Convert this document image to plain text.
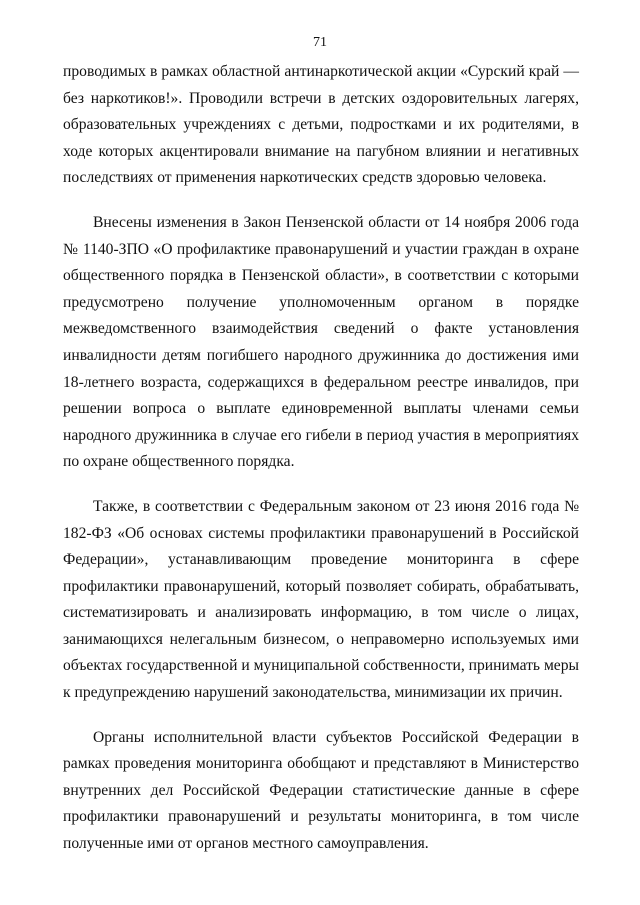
71

проводимых в рамках областной антинаркотической акции «Сурский край — без наркотиков!». Проводили встречи в детских оздоровительных лагерях, образовательных учреждениях с детьми, подростками и их родителями, в ходе которых акцентировали внимание на пагубном влиянии и негативных последствиях от применения наркотических средств здоровью человека.

Внесены изменения в Закон Пензенской области от 14 ноября 2006 года № 1140-ЗПО «О профилактике правонарушений и участии граждан в охране общественного порядка в Пензенской области», в соответствии с которыми предусмотрено получение уполномоченным органом в порядке межведомственного взаимодействия сведений о факте установления инвалидности детям погибшего народного дружинника до достижения ими 18-летнего возраста, содержащихся в федеральном реестре инвалидов, при решении вопроса о выплате единовременной выплаты членами семьи народного дружинника в случае его гибели в период участия в мероприятиях по охране общественного порядка.

Также, в соответствии с Федеральным законом от 23 июня 2016 года № 182-ФЗ «Об основах системы профилактики правонарушений в Российской Федерации», устанавливающим проведение мониторинга в сфере профилактики правонарушений, который позволяет собирать, обрабатывать, систематизировать и анализировать информацию, в том числе о лицах, занимающихся нелегальным бизнесом, о неправомерно используемых ими объектах государственной и муниципальной собственности, принимать меры к предупреждению нарушений законодательства, минимизации их причин.

Органы исполнительной власти субъектов Российской Федерации в рамках проведения мониторинга обобщают и представляют в Министерство внутренних дел Российской Федерации статистические данные в сфере профилактики правонарушений и результаты мониторинга, в том числе полученные ими от органов местного самоуправления.
